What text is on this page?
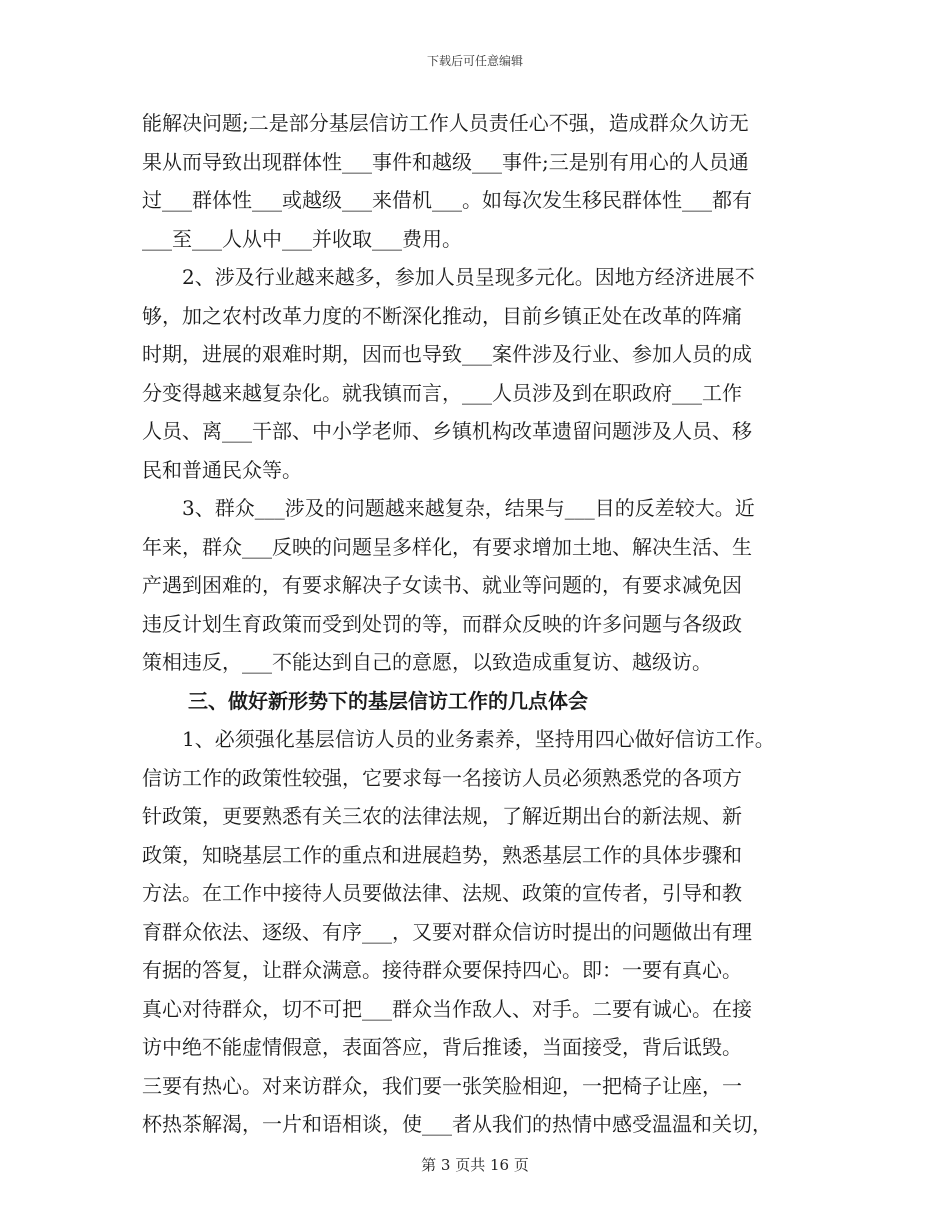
下载后可任意编辑
能解决问题;二是部分基层信访工作人员责任心不强，造成群众久访无
果从而导致出现群体性___事件和越级___事件;三是别有用心的人员通
过___群体性___或越级___来借机___。如每次发生移民群体性___都有
___至___人从中___并收取___费用。
2、涉及行业越来越多，参加人员呈现多元化。因地方经济进展不
够，加之农村改革力度的不断深化推动，目前乡镇正处在改革的阵痛
时期，进展的艰难时期，因而也导致___案件涉及行业、参加人员的成
分变得越来越复杂化。就我镇而言，___人员涉及到在职政府___工作
人员、离___干部、中小学老师、乡镇机构改革遗留问题涉及人员、移
民和普通民众等。
3、群众___涉及的问题越来越复杂，结果与___目的反差较大。近
年来，群众___反映的问题呈多样化，有要求增加土地、解决生活、生
产遇到困难的，有要求解决子女读书、就业等问题的，有要求减免因
违反计划生育政策而受到处罚的等，而群众反映的许多问题与各级政
策相违反，___不能达到自己的意愿，以致造成重复访、越级访。
三、做好新形势下的基层信访工作的几点体会
1、必须强化基层信访人员的业务素养，坚持用四心做好信访工作。
信访工作的政策性较强，它要求每一名接访人员必须熟悉党的各项方
针政策，更要熟悉有关三农的法律法规，了解近期出台的新法规、新
政策，知晓基层工作的重点和进展趋势，熟悉基层工作的具体步骤和
方法。在工作中接待人员要做法律、法规、政策的宣传者，引导和教
育群众依法、逐级、有序___，又要对群众信访时提出的问题做出有理
有据的答复，让群众满意。接待群众要保持四心。即：一要有真心。
真心对待群众，切不可把___群众当作敌人、对手。二要有诚心。在接
访中绝不能虚情假意，表面答应，背后推诿，当面接受，背后诋毁。
三要有热心。对来访群众，我们要一张笑脸相迎，一把椅子让座，一
杯热茶解渴，一片和语相谈，使___者从我们的热情中感受温温和关切，
第 3 页共 16 页
